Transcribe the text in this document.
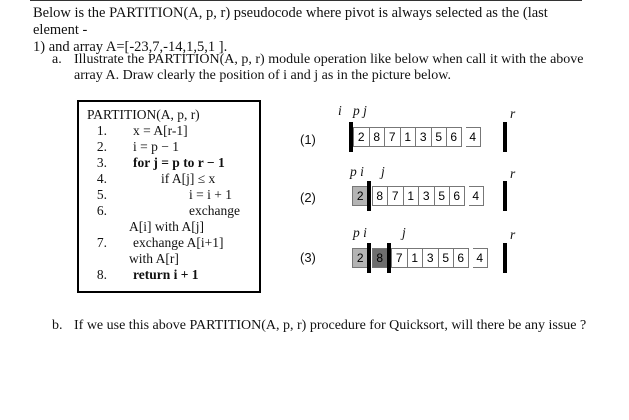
Below is the PARTITION(A, p, r) pseudocode where pivot is always selected as the (last element -
1) and array A=[-23,7,-14,1,5,1 ].
a. Illustrate the PARTITION(A, p, r) module operation like below when call it with the above
array A. Draw clearly the position of i and j as in the picture below.
PARTITION(A, p, r)
1. x = A[r-1]
2. i = p − 1
3. for j = p to r − 1
4.	if A[j] ≤ x
5.	i = i + 1
6.	exchange
A[i] with A[j]
7. exchange A[i+1]
with A[r]
8. return i + 1
(1)
i p j	r
2 8 7 1 3 5 6	4
(2)
p i j	r
2	8 7 1 3 5 6	4
(3)
p i	j	r
2	8	7 1 3 5 6	4
b. If we use this above PARTITION(A, p, r) procedure for Quicksort, will there be any issue ?
